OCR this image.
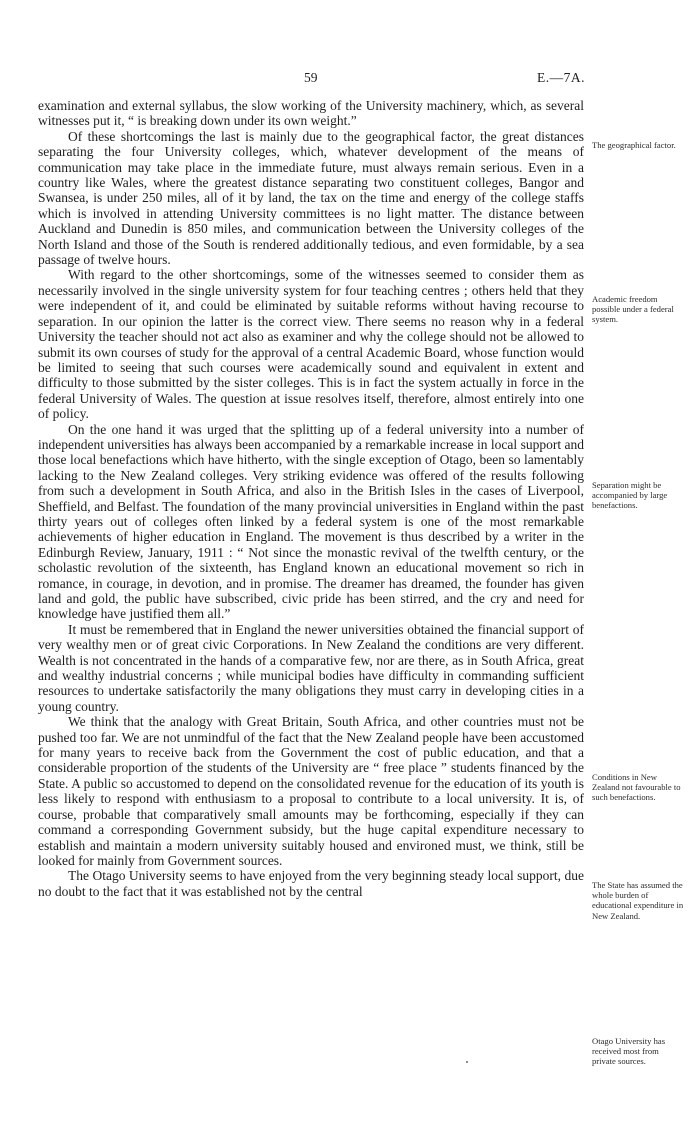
59	E.—7A.

examination and external syllabus, the slow working of the University machinery, which, as several witnesses put it, “ is breaking down under its own weight.”

Of these shortcomings the last is mainly due to the geographical factor, the great distances separating the four University colleges, which, whatever development of the means of communication may take place in the immediate future, must always remain serious. Even in a country like Wales, where the greatest distance separating two constituent colleges, Bangor and Swansea, is under 250 miles, all of it by land, the tax on the time and energy of the college staffs which is involved in attending University committees is no light matter. The distance between Auckland and Dunedin is 850 miles, and communication between the University colleges of the North Island and those of the South is rendered additionally tedious, and even formidable, by a sea passage of twelve hours.

With regard to the other shortcomings, some of the witnesses seemed to consider them as necessarily involved in the single university system for four teaching centres ; others held that they were independent of it, and could be eliminated by suitable reforms without having recourse to separation. In our opinion the latter is the correct view. There seems no reason why in a federal University the teacher should not act also as examiner and why the college should not be allowed to submit its own courses of study for the approval of a central Academic Board, whose function would be limited to seeing that such courses were academically sound and equivalent in extent and difficulty to those submitted by the sister colleges. This is in fact the system actually in force in the federal University of Wales. The question at issue resolves itself, therefore, almost entirely into one of policy.

On the one hand it was urged that the splitting up of a federal university into a number of independent universities has always been accompanied by a remarkable increase in local support and those local benefactions which have hitherto, with the single exception of Otago, been so lamentably lacking to the New Zealand colleges. Very striking evidence was offered of the results following from such a development in South Africa, and also in the British Isles in the cases of Liverpool, Sheffield, and Belfast. The foundation of the many provincial universities in England within the past thirty years out of colleges often linked by a federal system is one of the most remarkable achievements of higher education in England. The movement is thus described by a writer in the Edinburgh Review, January, 1911 : “ Not since the monastic revival of the twelfth century, or the scholastic revolution of the sixteenth, has England known an educational movement so rich in romance, in courage, in devotion, and in promise. The dreamer has dreamed, the founder has given land and gold, the public have subscribed, civic pride has been stirred, and the cry and need for knowledge have justified them all.”

It must be remembered that in England the newer universities obtained the financial support of very wealthy men or of great civic Corporations. In New Zealand the conditions are very different. Wealth is not concentrated in the hands of a comparative few, nor are there, as in South Africa, great and wealthy industrial concerns ; while municipal bodies have difficulty in commanding sufficient resources to undertake satisfactorily the many obligations they must carry in developing cities in a young country.

We think that the analogy with Great Britain, South Africa, and other countries must not be pushed too far. We are not unmindful of the fact that the New Zealand people have been accustomed for many years to receive back from the Government the cost of public education, and that a considerable proportion of the students of the University are “ free place ” students financed by the State. A public so accustomed to depend on the consolidated revenue for the education of its youth is less likely to respond with enthusiasm to a proposal to contribute to a local university. It is, of course, probable that comparatively small amounts may be forthcoming, especially if they can command a corresponding Government subsidy, but the huge capital expenditure necessary to establish and maintain a modern university suitably housed and environed must, we think, still be looked for mainly from Government sources.

The Otago University seems to have enjoyed from the very beginning steady local support, due no doubt to the fact that it was established not by the central

The geographical factor.
Academic freedom possible under a federal system.
Separation might be accompanied by large benefactions.
Conditions in New Zealand not favourable to such benefactions.
The State has assumed the whole burden of educational expenditure in New Zealand.
Otago University has received most from private sources.
